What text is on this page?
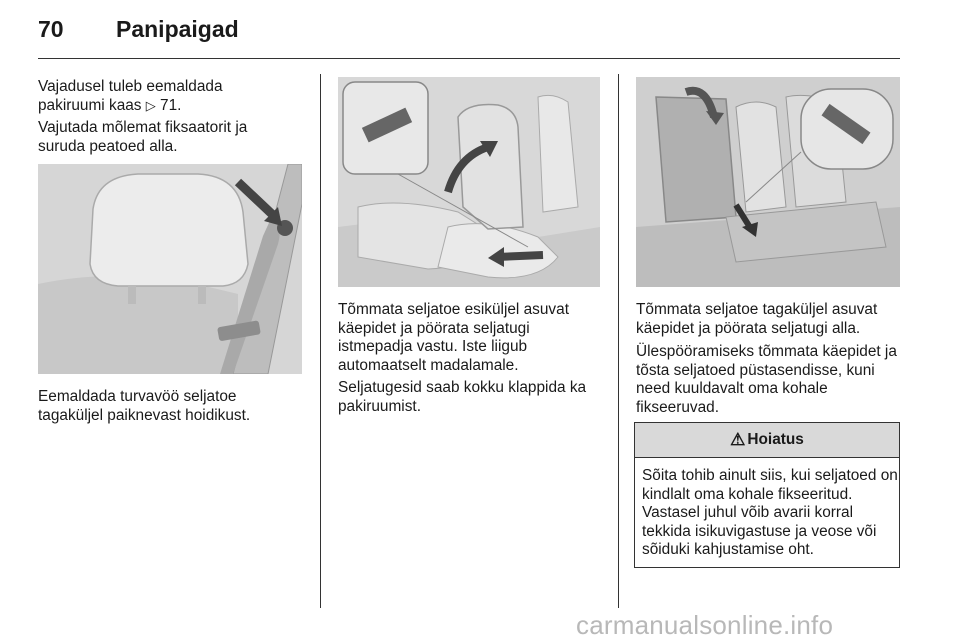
70 Panipaigad

Vajadusel tuleb eemaldada pakiruumi kaas ▷ 71.

Vajutada mõlemat fiksaatorit ja suruda peatoed alla.

Eemaldada turvavöö seljatoe tagaküljel paiknevast hoidikust.

Tõmmata seljatoe esiküljel asuvat käepidet ja pöörata seljatugi istmepadja vastu. Iste liigub automaatselt madalamale.

Seljatugesid saab kokku klappida ka pakiruumist.

Tõmmata seljatoe tagaküljel asuvat käepidet ja pöörata seljatugi alla.

Ülespööramiseks tõmmata käepidet ja tõsta seljatoed püstasendisse, kuni need kuuldavalt oma kohale fikseeruvad.

⚠ Hoiatus
Sõita tohib ainult siis, kui seljatoed on kindlalt oma kohale fikseeritud. Vastasel juhul võib avarii korral tekkida isikuvigastuse ja veose või sõiduki kahjustamise oht.
carmanualsonline.info
